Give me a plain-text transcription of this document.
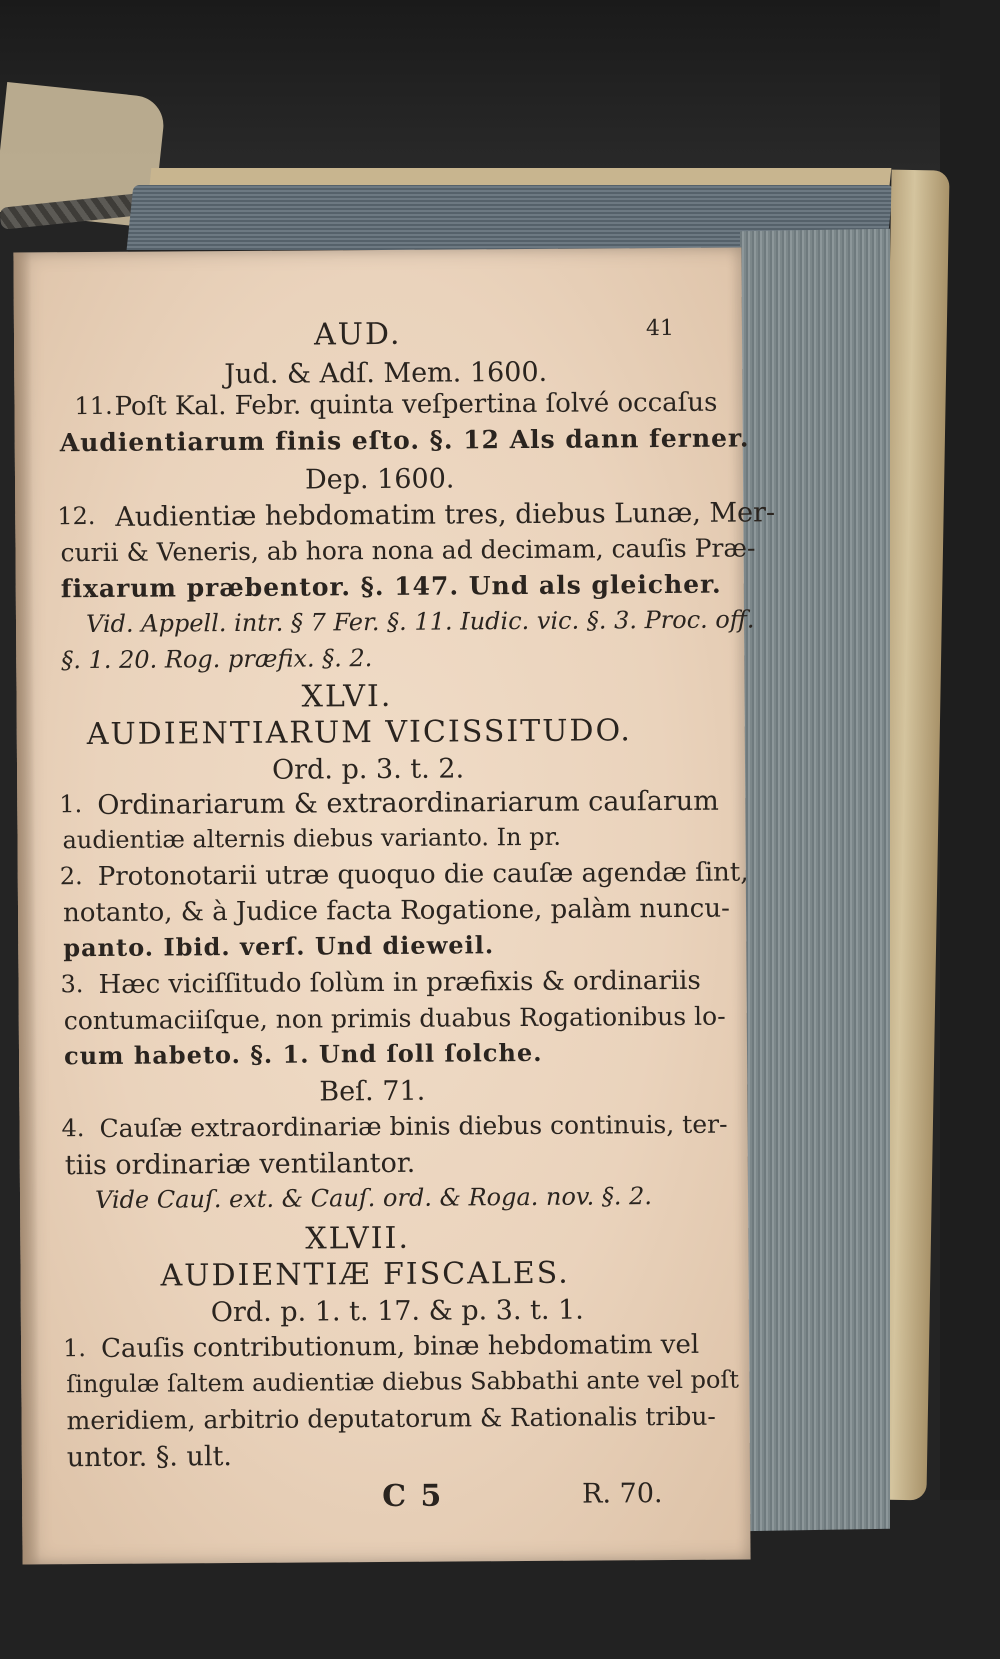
AUD.	41
Jud. & Adſ. Mem. 1600.
11. Poſt Kal. Febr. quinta veſpertina ſolvé occaſus
Audientiarum finis eſto. §. 12 Als dann ferner.
Dep. 1600.
12. Audientiæ hebdomatim tres, diebus Lunæ, Mer-
curii & Veneris, ab hora nona ad decimam, cauſis Præ-
fixarum præbentor. §. 147. Und als gleicher.
Vid. Appell. intr. § 7 Fer. §. 11. Iudic. vic. §. 3. Proc. off.
§. 1. 20. Rog. præfix. §. 2.
XLVI.
AUDIENTIARUM VICISSITUDO.
Ord. p. 3. t. 2.
1. Ordinariarum & extraordinariarum cauſarum
audientiæ alternis diebus varianto. In pr.
2. Protonotarii utræ quoquo die cauſæ agendæ ſint,
notanto, & à Judice facta Rogatione, palàm nuncu-
panto. Ibid. verſ. Und dieweil.
3. Hæc viciſſitudo ſolùm in præfixis & ordinariis
contumaciiſque, non primis duabus Rogationibus lo-
cum habeto. §. 1. Und ſoll ſolche.
Beſ. 71.
4. Cauſæ extraordinariæ binis diebus continuis, ter-
tiis ordinariæ ventilantor.
Vide Cauſ. ext. & Cauſ. ord. & Roga. nov. §. 2.
XLVII.
AUDIENTIÆ FISCALES.
Ord. p. 1. t. 17. & p. 3. t. 1.
1. Cauſis contributionum, binæ hebdomatim vel
ſingulæ ſaltem audientiæ diebus Sabbathi ante vel poſt
meridiem, arbitrio deputatorum & Rationalis tribu-
untor. §. ult.
C 5	R. 70.
